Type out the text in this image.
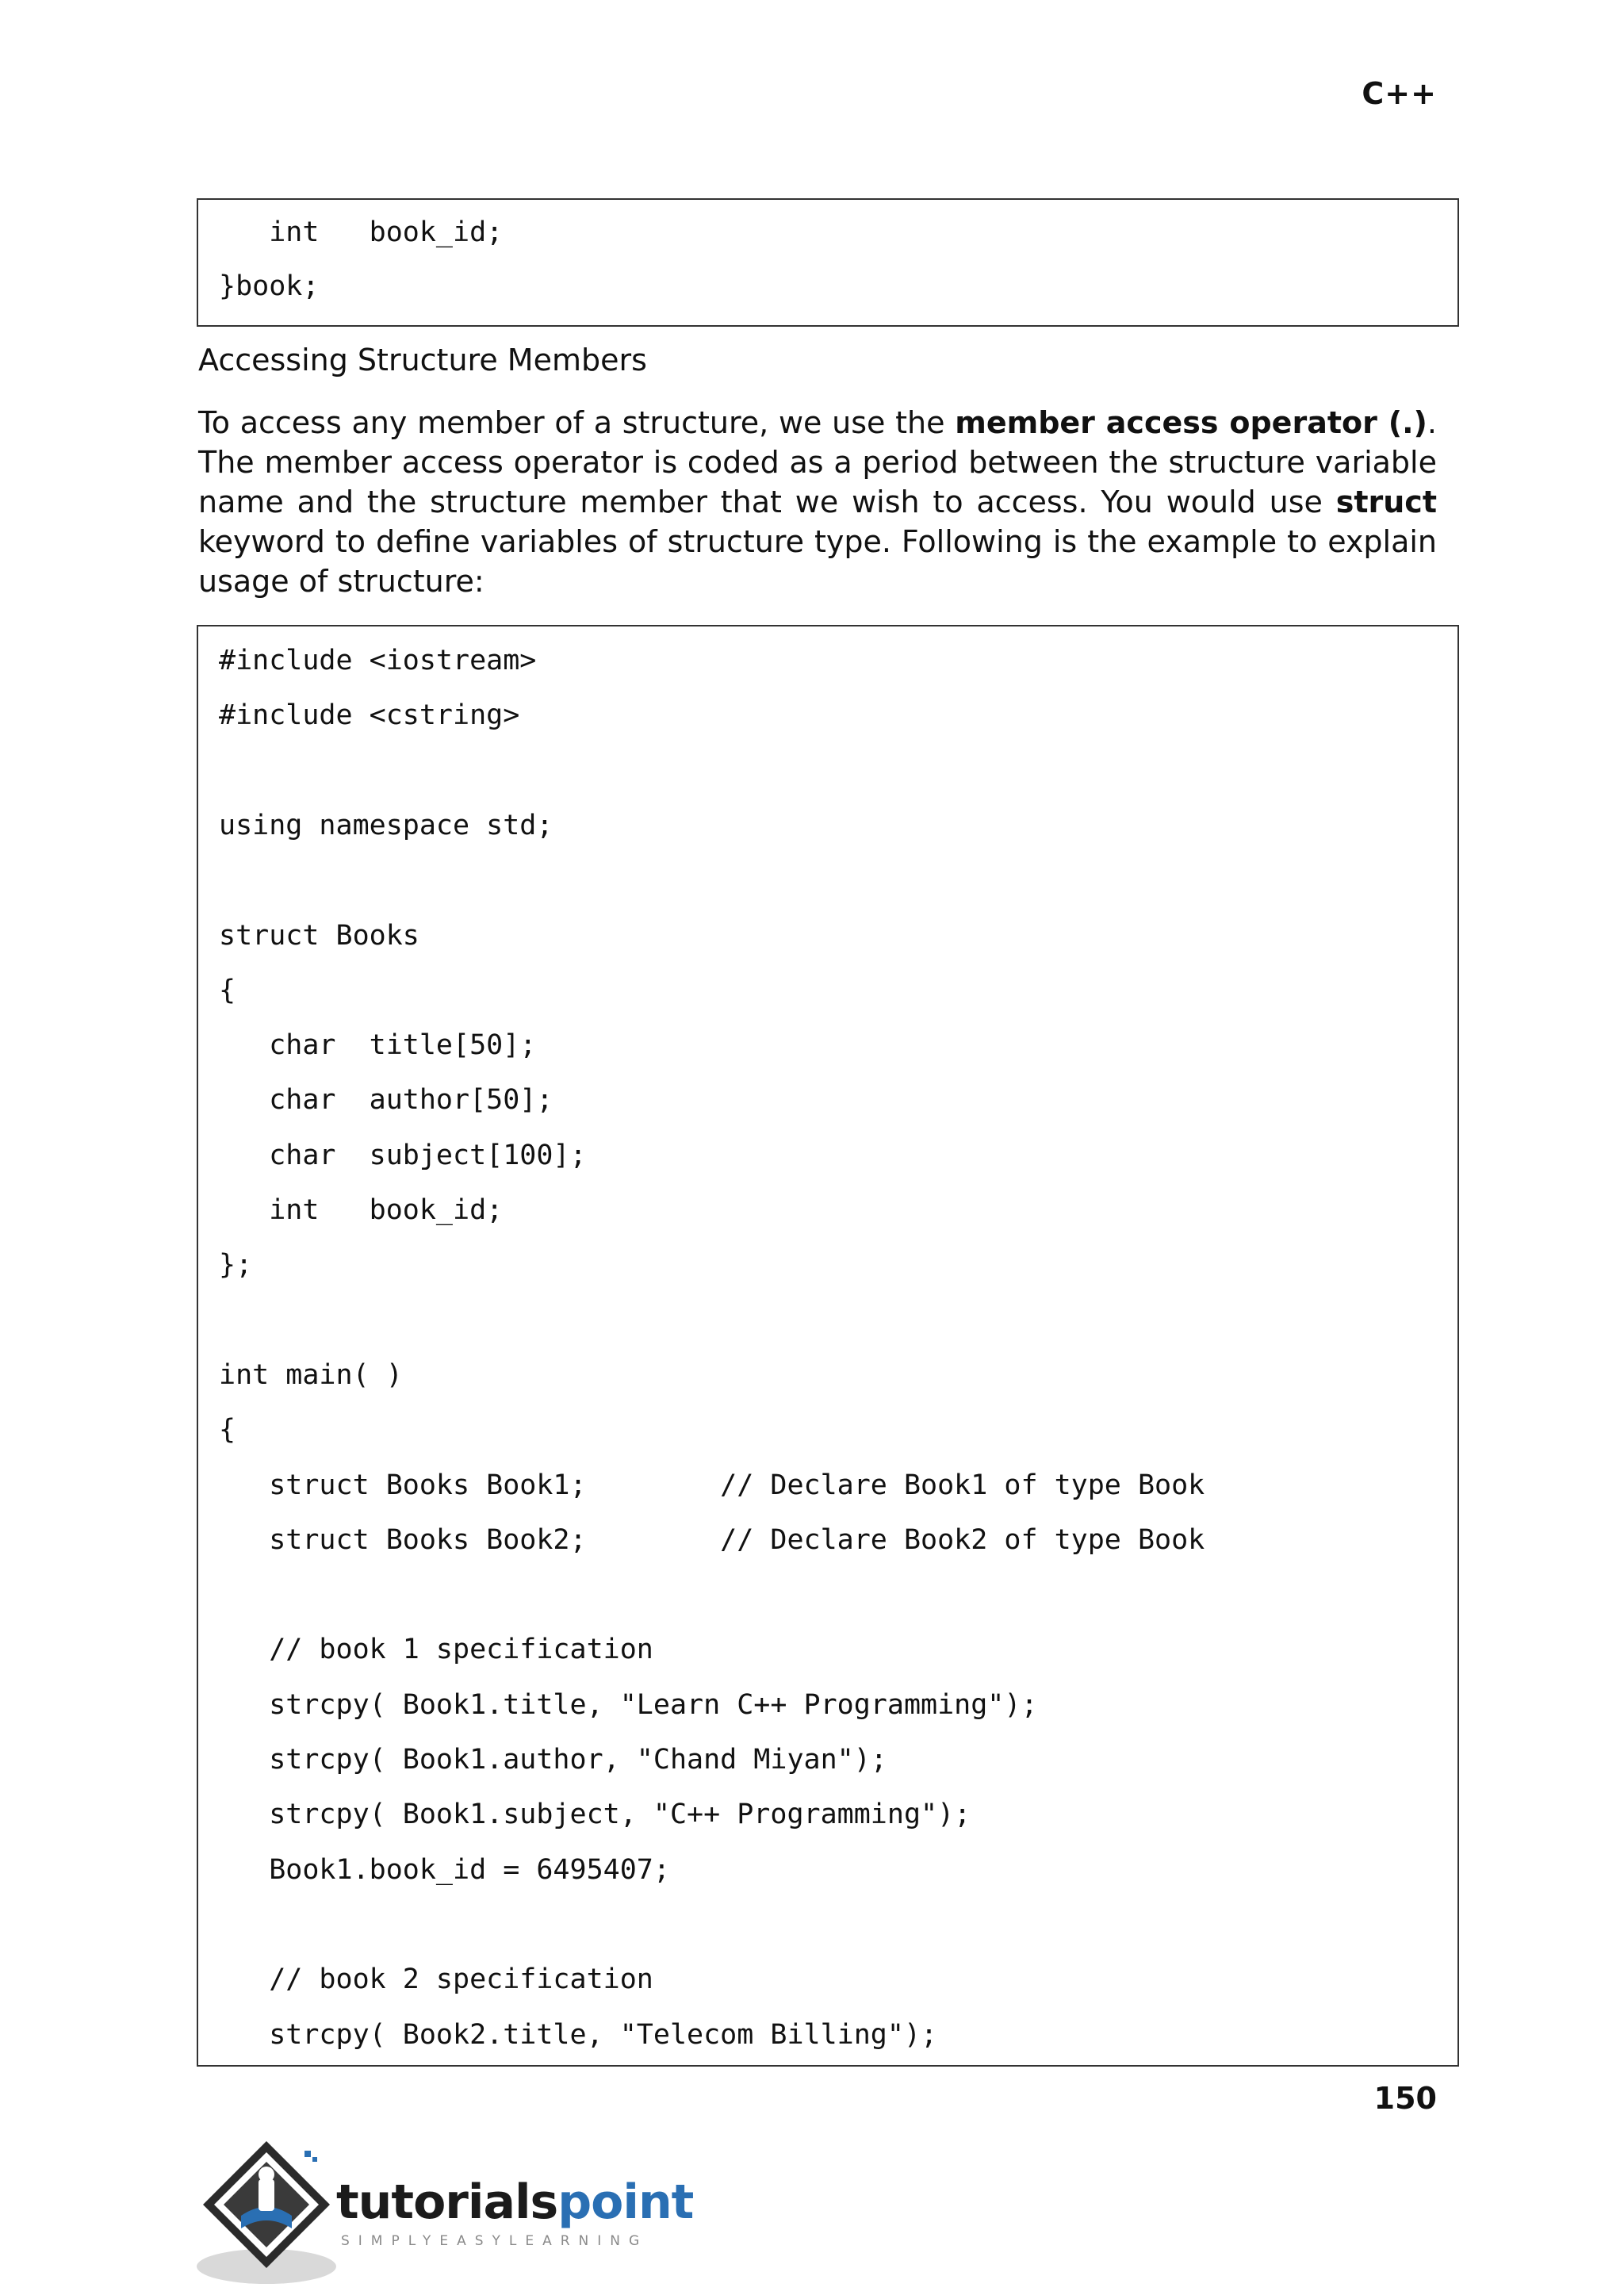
C++
int   book_id;
}book;
Accessing Structure Members
To access any member of a structure, we use the member access operator (.). The member access operator is coded as a period between the structure variable name and the structure member that we wish to access. You would use struct keyword to define variables of structure type. Following is the example to explain usage of structure:
#include <iostream>
#include <cstring>
using namespace std;
struct Books
{
char  title[50];
char  author[50];
char  subject[100];
int   book_id;
};
int main( )
{
struct Books Book1;        // Declare Book1 of type Book
struct Books Book2;        // Declare Book2 of type Book
// book 1 specification
strcpy( Book1.title, "Learn C++ Programming");
strcpy( Book1.author, "Chand Miyan");
strcpy( Book1.subject, "C++ Programming");
Book1.book_id = 6495407;
// book 2 specification
strcpy( Book2.title, "Telecom Billing");
150
tutorialspoint
SIMPLYEASYLEARNING
